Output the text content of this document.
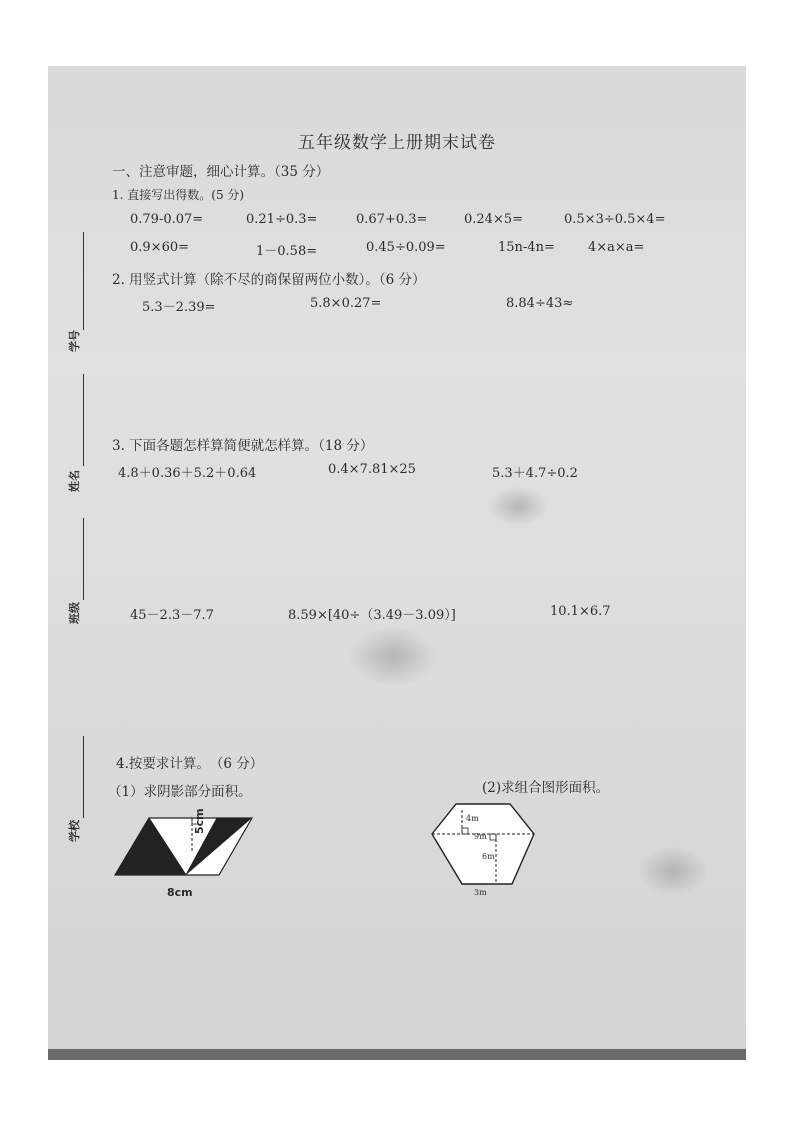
学号
姓名
班级
学校
五年级数学上册期末试卷
一、注意审题，细心计算。（35 分）
1. 直接写出得数。(5 分)
0.79-0.07=	0.21÷0.3=	0.67+0.3=	0.24×5=	0.5×3÷0.5×4=
0.9×60=	1－0.58=	0.45÷0.09=	15n-4n=	4×a×a=
2. 用竖式计算（除不尽的商保留两位小数）。（6 分）
5.3－2.39=	5.8×0.27=	8.84÷43≈
3. 下面各题怎样算简便就怎样算。（18 分）
4.8＋0.36＋5.2＋0.64	0.4×7.81×25	5.3＋4.7÷0.2
45－2.3－7.7	8.59×[40÷（3.49－3.09）]	10.1×6.7
4.按要求计算。　（6 分）
（1）求阴影部分面积。	(2)求组合图形面积。
5cm
8cm
4m
9m
6m
3m
